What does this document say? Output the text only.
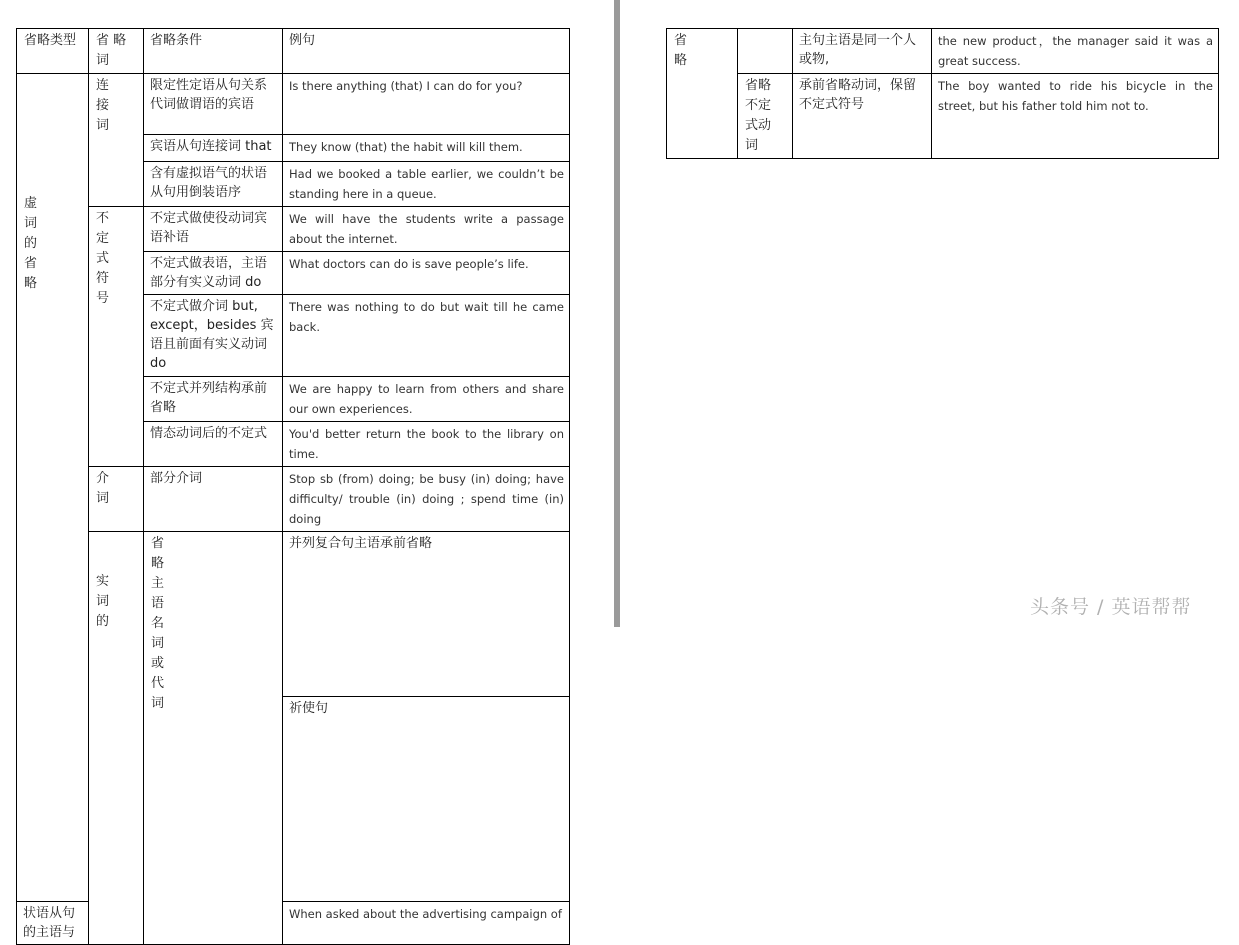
省略类型	省 略 词	省略条件	例句	

虚词的省略	连接词	限定性定语从句关系代词做谓语的宾语	Is there anything (that) I can do for you?	
		宾语从句连接词 that	They know (that) the habit will kill them.	
		含有虚拟语气的状语从句用倒装语序	Had we booked a table earlier, we couldn’t be standing here in a queue.	
	不定式符号	不定式做使役动词宾语补语	We will have the students write a passage about the internet.	
		不定式做表语，主语部分有实义动词 do	What doctors can do is save people’s life.	
		不定式做介词 but, except，besides 宾语且前面有实义动词 do	There was nothing to do but wait till he came back.	
		不定式并列结构承前省略	We are happy to learn from others and share our own experiences.	
		情态动词后的不定式	You'd better return the book to the library on time.	
	介词	部分介词	Stop sb (from) doing; be busy (in) doing; have difficulty/ trouble (in) doing ; spend time (in) doing	

	实词的	省略主语名词或代词	并列复合句主语承前省略	
			祈使句	
状语从句的主语与			When asked about the advertising campaign of	
省略		主句主语是同一个人或物,	the new product，the manager said it was a great success.
	省略不定式动词	承前省略动词，保留不定式符号	The boy wanted to ride his bicycle in the street, but his father told him not to.
头条号 / 英语帮帮
